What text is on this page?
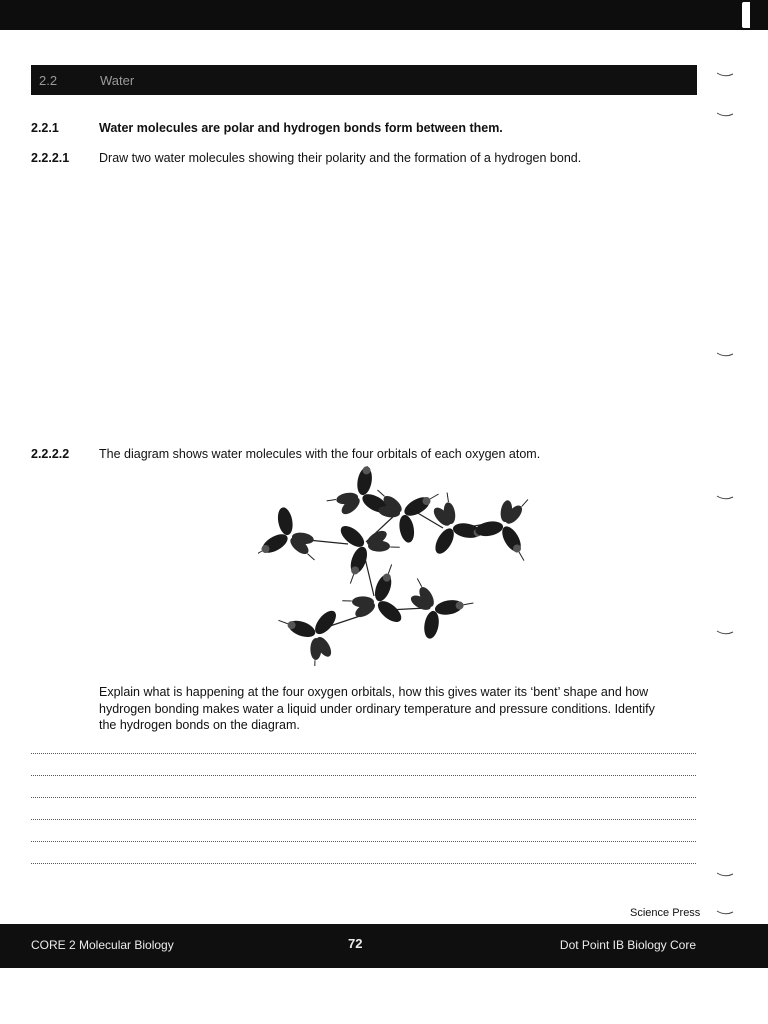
2.2	Water
2.2.1	Water molecules are polar and hydrogen bonds form between them.
2.2.2.1 Draw two water molecules showing their polarity and the formation of a hydrogen bond.
2.2.2.2 The diagram shows water molecules with the four orbitals of each oxygen atom.
Explain what is happening at the four oxygen orbitals, how this gives water its ‘bent’ shape and how
hydrogen bonding makes water a liquid under ordinary temperature and pressure conditions. Identify
the hydrogen bonds on the diagram.
Science Press
CORE 2 Molecular Biology	72	Dot Point IB Biology Core
